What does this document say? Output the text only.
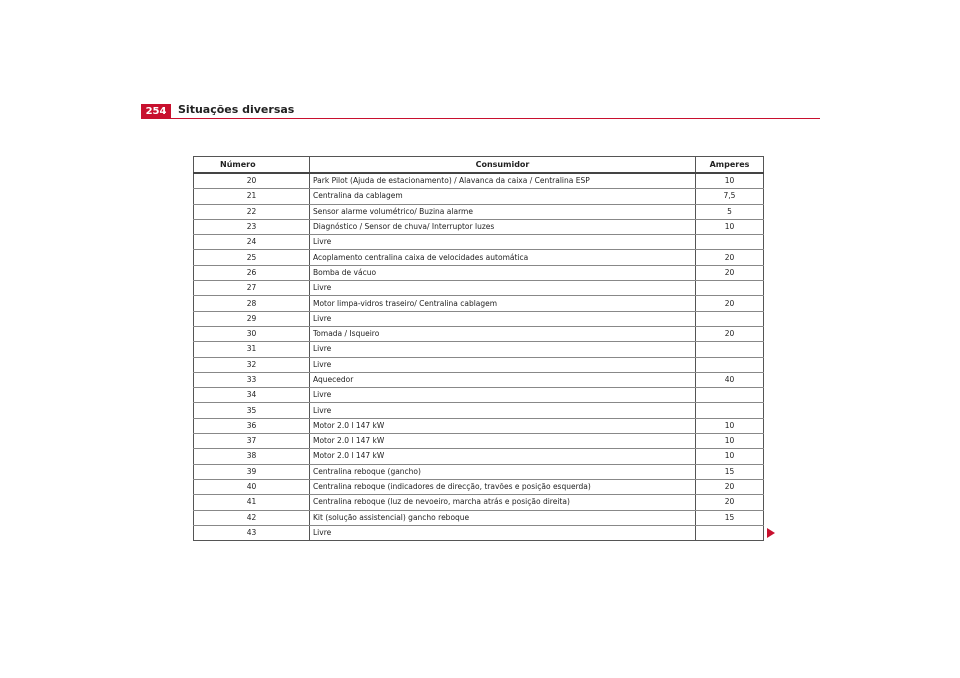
254	Situações diversas
Número	Consumidor	Amperes
20	Park Pilot (Ajuda de estacionamento) / Alavanca da caixa / Centralina ESP	10
21	Centralina da cablagem	7,5
22	Sensor alarme volumétrico/ Buzina alarme	5
23	Diagnóstico / Sensor de chuva/ Interruptor luzes	10
24	Livre	
25	Acoplamento centralina caixa de velocidades automática	20
26	Bomba de vácuo	20
27	Livre	
28	Motor limpa-vidros traseiro/ Centralina cablagem	20
29	Livre	
30	Tomada / Isqueiro	20
31	Livre	
32	Livre	
33	Aquecedor	40
34	Livre	
35	Livre	
36	Motor 2.0 l 147 kW	10
37	Motor 2.0 l 147 kW	10
38	Motor 2.0 l 147 kW	10
39	Centralina reboque (gancho)	15
40	Centralina reboque (indicadores de direcção, travões e posição esquerda)	20
41	Centralina reboque (luz de nevoeiro, marcha atrás e posição direita)	20
42	Kit (solução assistencial) gancho reboque	15
43	Livre	
